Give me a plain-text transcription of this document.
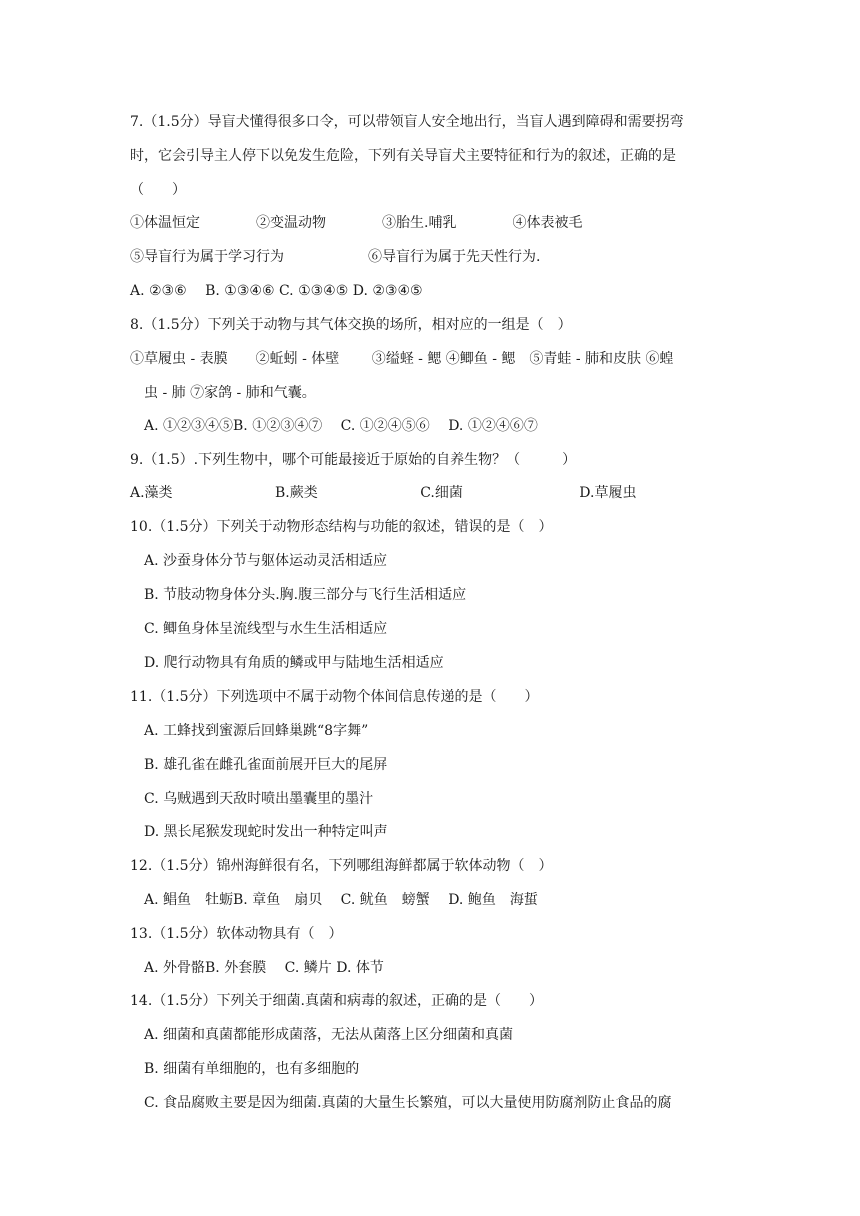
7.（1.5分）导盲犬懂得很多口令，可以带领盲人安全地出行，当盲人遇到障碍和需要拐弯
时，它会引导主人停下以免发生危险，下列有关导盲犬主要特征和行为的叙述，正确的是
（　　）
①体温恒定　　　　②变温动物　　　　③胎生.哺乳　　　　④体表被毛
⑤导盲行为属于学习行为　　　　　　⑥导盲行为属于先天性行为.
A. ②③⑥　 B. ①③④⑥ C. ①③④⑤ D. ②③④⑤
8.（1.5分）下列关于动物与其气体交换的场所，相对应的一组是（　）
①草履虫 - 表膜　　②蚯蚓 - 体壁　　 ③缢蛏 - 鳃 ④鲫鱼 - 鳃　⑤青蛙 - 肺和皮肤 ⑥蝗
　虫 - 肺 ⑦家鸽 - 肺和气囊。
　A. ①②③④⑤B. ①②③④⑦　 C. ①②④⑤⑥　 D. ①②④⑥⑦
9.（1.5）.下列生物中，哪个可能最接近于原始的自养生物？（　　　）
A.藻类　　　　　　　 B.蕨类　　　　　　　 C.细菌　　　　　　　　 D.草履虫
10.（1.5分）下列关于动物形态结构与功能的叙述，错误的是（　）
　A. 沙蚕身体分节与躯体运动灵活相适应
　B. 节肢动物身体分头.胸.腹三部分与飞行生活相适应
　C. 鲫鱼身体呈流线型与水生生活相适应
　D. 爬行动物具有角质的鳞或甲与陆地生活相适应
11.（1.5分）下列选项中不属于动物个体间信息传递的是（　　）
　A. 工蜂找到蜜源后回蜂巢跳“8字舞”
　B. 雄孔雀在雌孔雀面前展开巨大的尾屏
　C. 乌贼遇到天敌时喷出墨囊里的墨汁
　D. 黑长尾猴发现蛇时发出一种特定叫声
12.（1.5分）锦州海鲜很有名，下列哪组海鲜都属于软体动物（　）
　A. 鲳鱼　牡蛎B. 章鱼　扇贝　 C. 鱿鱼　螃蟹　 D. 鲍鱼　海蜇
13.（1.5分）软体动物具有（　）
　A. 外骨骼B. 外套膜　 C. 鳞片 D. 体节
14.（1.5分）下列关于细菌.真菌和病毒的叙述，正确的是（　　）
　A. 细菌和真菌都能形成菌落，无法从菌落上区分细菌和真菌
　B. 细菌有单细胞的，也有多细胞的
　C. 食品腐败主要是因为细菌.真菌的大量生长繁殖，可以大量使用防腐剂防止食品的腐
